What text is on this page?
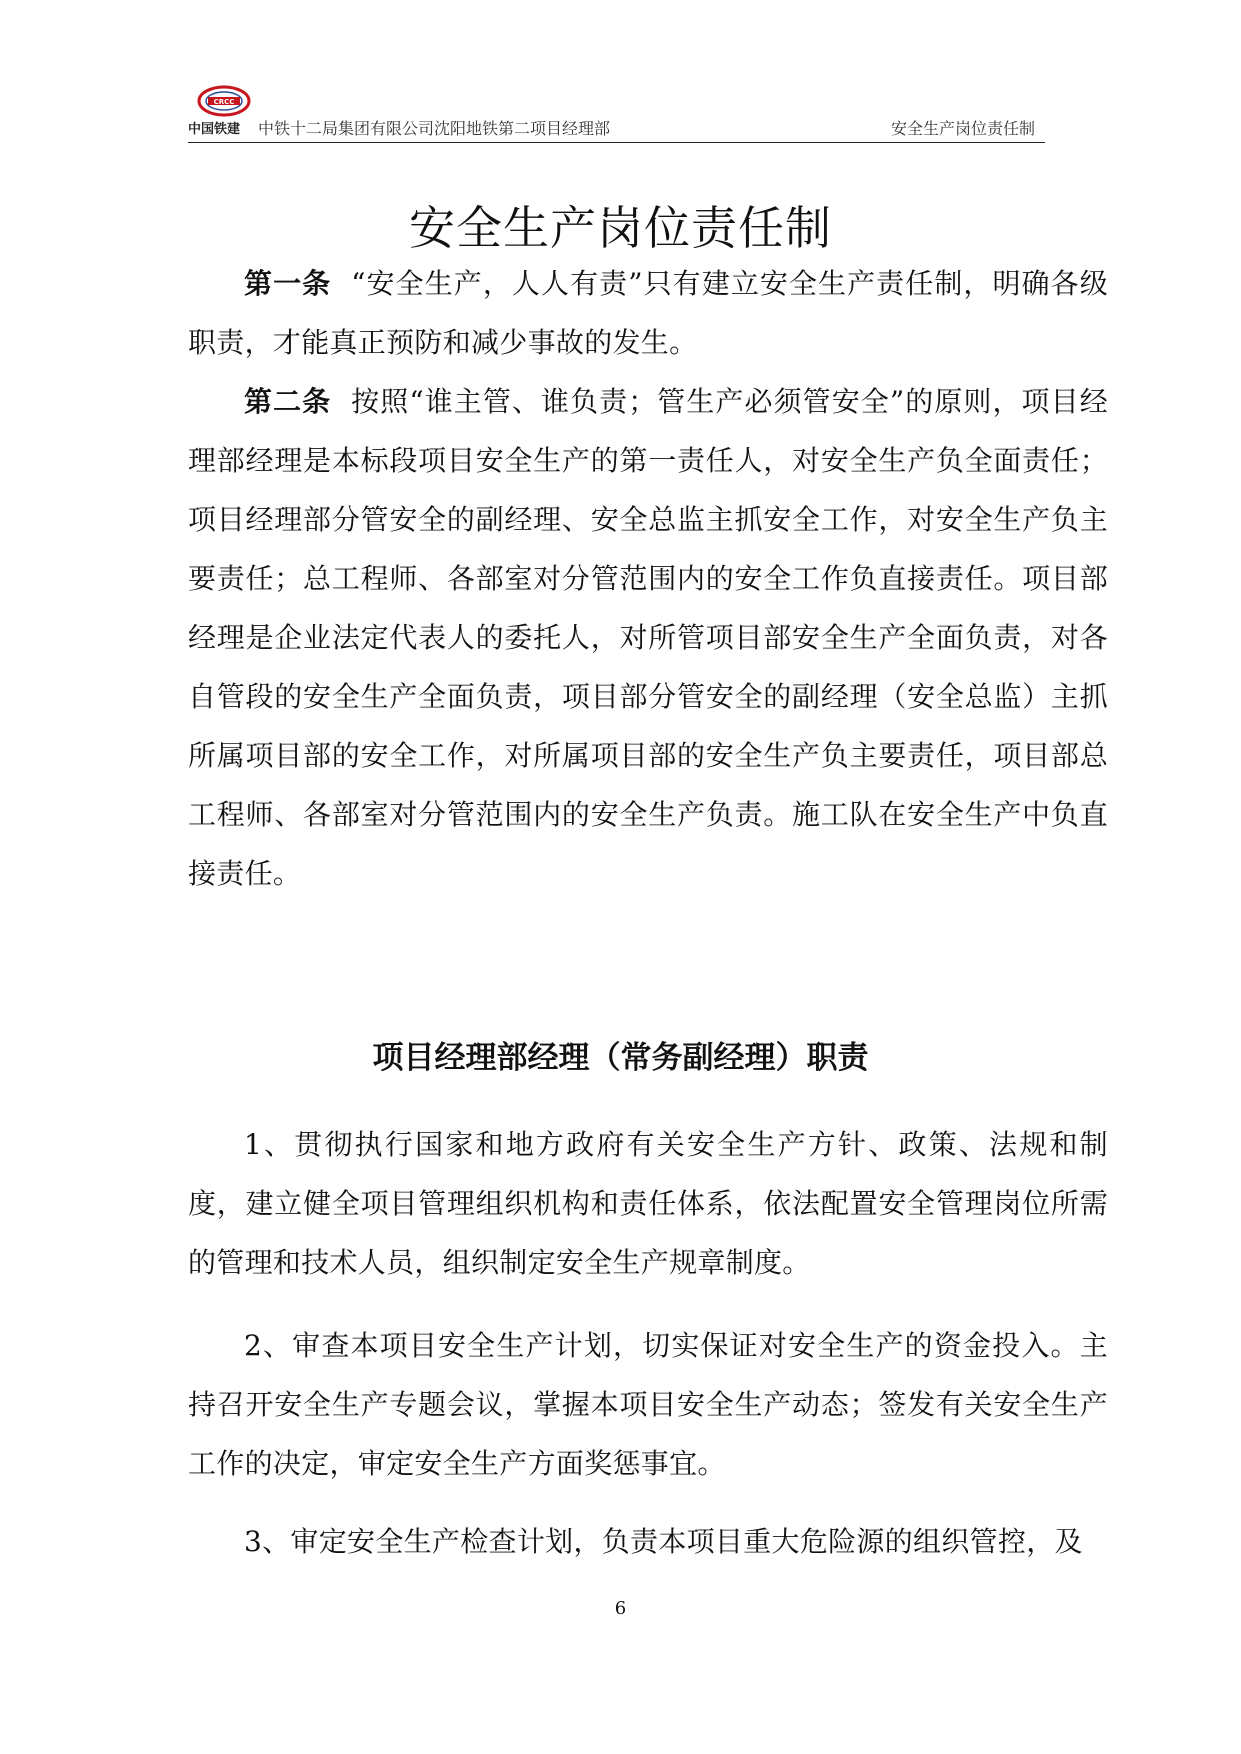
CRCC
中国铁建 中铁十二局集团有限公司沈阳地铁第二项目经理部	安全生产岗位责任制
安全生产岗位责任制
第一条 “安全生产，人人有责”只有建立安全生产责任制，明确各级职责，才能真正预防和减少事故的发生。
第二条 按照“谁主管、谁负责；管生产必须管安全”的原则，项目经理部经理是本标段项目安全生产的第一责任人，对安全生产负全面责任；项目经理部分管安全的副经理、安全总监主抓安全工作，对安全生产负主要责任；总工程师、各部室对分管范围内的安全工作负直接责任。项目部经理是企业法定代表人的委托人，对所管项目部安全生产全面负责，对各自管段的安全生产全面负责，项目部分管安全的副经理（安全总监）主抓所属项目部的安全工作，对所属项目部的安全生产负主要责任，项目部总工程师、各部室对分管范围内的安全生产负责。施工队在安全生产中负直接责任。
项目经理部经理（常务副经理）职责
1、贯彻执行国家和地方政府有关安全生产方针、政策、法规和制度，建立健全项目管理组织机构和责任体系，依法配置安全管理岗位所需的管理和技术人员，组织制定安全生产规章制度。
2、审查本项目安全生产计划，切实保证对安全生产的资金投入。主持召开安全生产专题会议，掌握本项目安全生产动态；签发有关安全生产工作的决定，审定安全生产方面奖惩事宜。
3、审定安全生产检查计划，负责本项目重大危险源的组织管控，及
6
